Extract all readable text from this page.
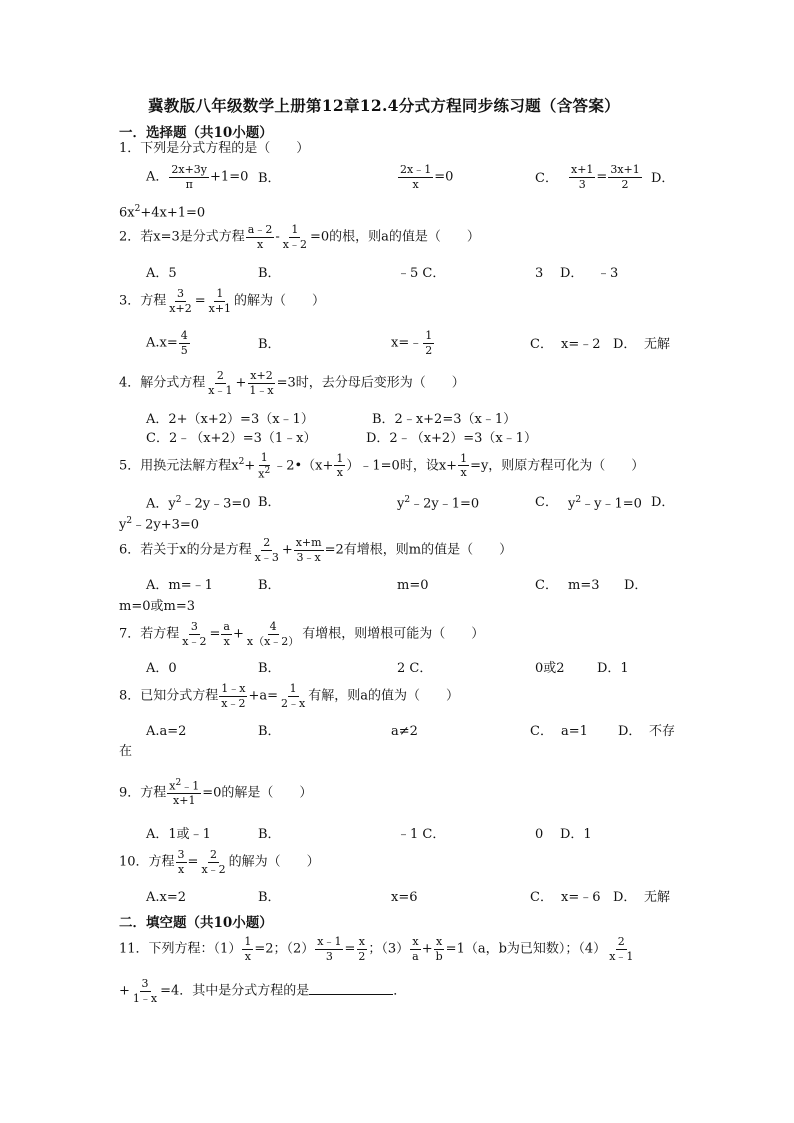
冀教版八年级数学上册第12章12.4分式方程同步练习题（含答案）
一．选择题（共10小题）
1．下列是分式方程的是（　　）
A． $\frac{2x+3y}{\pi} +1=0$ B．	$\frac{2x﹣1}{x} =0$	C． $\frac{x+1}{3} = \frac{3x+1}{2}$ D．
$6x^2+4x+1=0$
2．若x=3是分式方程 $\frac{a﹣2}{x} - \frac{1}{x﹣2} =0$的根，则a的值是（　　）
A．5	B．	﹣5 C．	3 D． ﹣3
3．方程 $\frac{3}{x+2} = \frac{1}{x+1}$ 的解为（　　）
$A.x= \frac{4}{5}$	B．	x=﹣ $\frac{1}{2}$	C． x=﹣2 D． 无解
4．解分式方程 $\frac{2}{x﹣1} + \frac{x+2}{1﹣x} =3$时，去分母后变形为（　　）
A．2+（x+2）=3（x﹣1）	B．2﹣x+2=3（x﹣1）
C．2﹣（x+2）=3（1﹣x）	D．2﹣（x+2）=3（x﹣1）
5．用换元法解方程$x^2+ \frac{1}{x^2}$ ﹣2•（x+ $\frac{1}{x}$ ）﹣1=0时，设$x+ \frac{1}{x} =y$，则原方程可化为（　　）
A．$y^2﹣2y﹣3=0$ B．	$y^2﹣2y﹣1=0$	C． $y^2﹣y﹣1=0$ D．
$y^2﹣2y+3=0$
6．若关于x的分是方程 $\frac{2}{x﹣3} + \frac{x+m}{3﹣x} =2$有增根，则m的值是（　　）
A．m=﹣1	B．	m=0	C． m=3 D．
m=0或m=3
7．若方程 $\frac{3}{x﹣2} = \frac{a}{x} + \frac{4}{x(x﹣2)}$ 有增根，则增根可能为（　　）
A．0	B．	2 C．	0或2 D．1
8．已知分式方程 $\frac{1﹣x}{x﹣2} +a= \frac{1}{2﹣x}$ 有解，则a的值为（　　）
A.a=2	B．	a≠2	C． a=1 D． 不存
在
9．方程 $\frac{x^2﹣1}{x+1} =0$的解是（　　）
A．1或﹣1	B．	﹣1 C．	0 D．1
10．方程 $\frac{3}{x} = \frac{2}{x﹣2}$ 的解为（　　）
A.x=2	B．	x=6	C． x=﹣6 D． 无解
二．填空题（共10小题）
11．下列方程：$(1) \frac{1}{x} =2$；$(2) \frac{x﹣1}{3} = \frac{x}{2}$ ；$(3) \frac{x}{a} + \frac{x}{b} =1(a$，b为已知数）；$(4) \frac{2}{x﹣1}$
+ $\frac{3}{1﹣x} =4$．其中是分式方程的是	．
